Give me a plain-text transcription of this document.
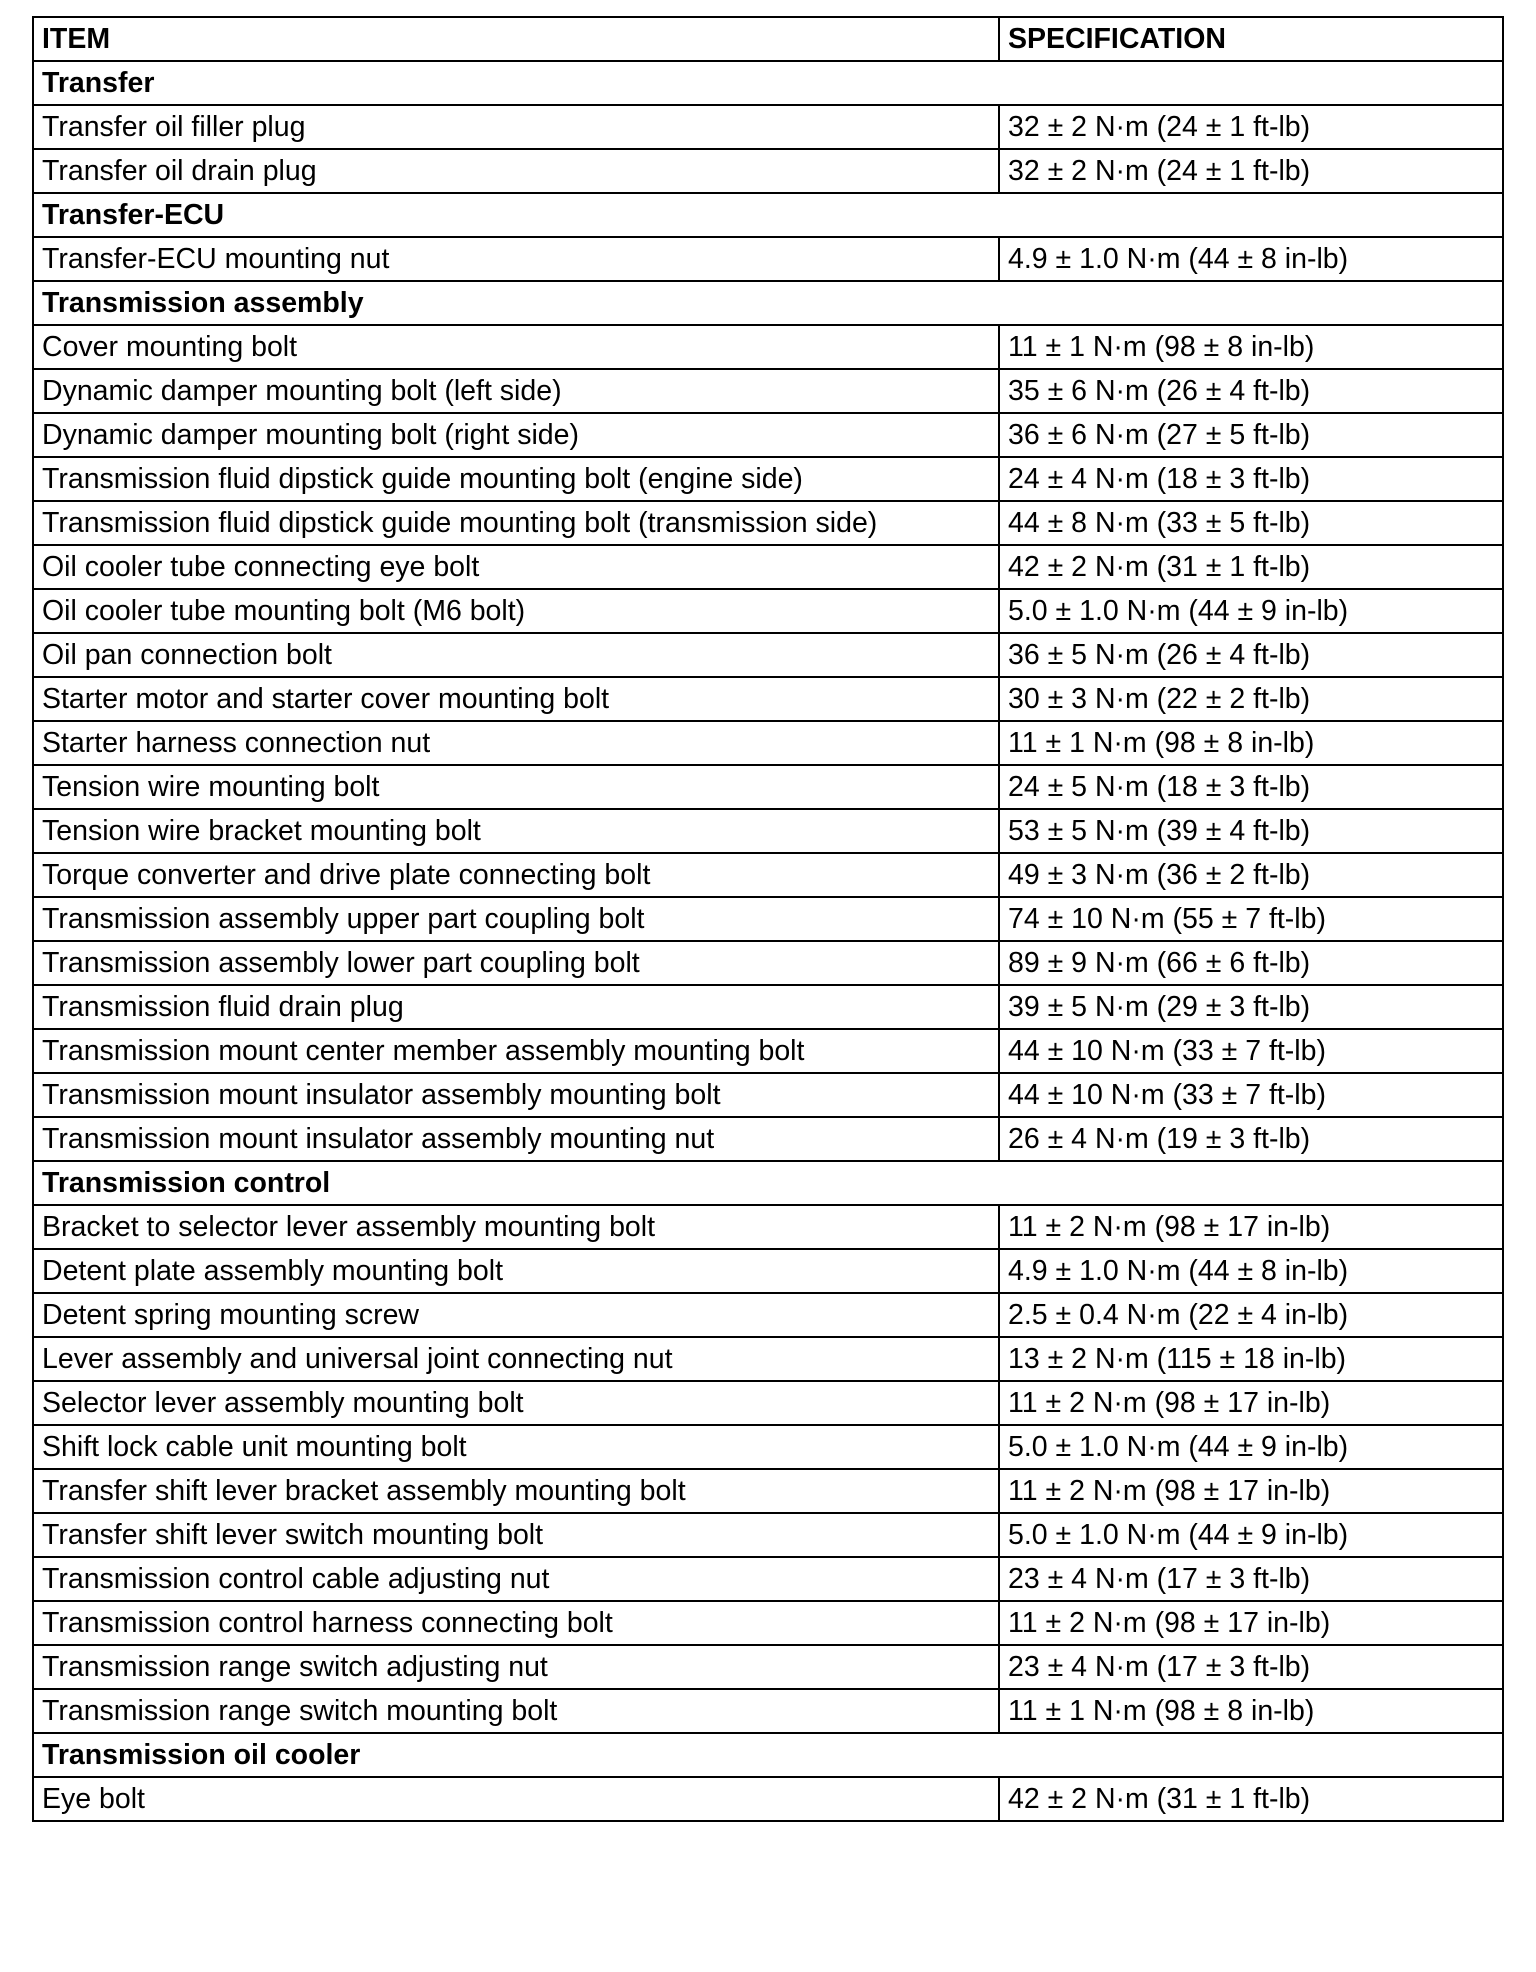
ITEM	SPECIFICATION
Transfer	
Transfer oil filler plug	32 ± 2 N·m (24 ± 1 ft-lb)
Transfer oil drain plug	32 ± 2 N·m (24 ± 1 ft-lb)
Transfer-ECU	
Transfer-ECU mounting nut	4.9 ± 1.0 N·m (44 ± 8 in-lb)
Transmission assembly	
Cover mounting bolt	11 ± 1 N·m (98 ± 8 in-lb)
Dynamic damper mounting bolt (left side)	35 ± 6 N·m (26 ± 4 ft-lb)
Dynamic damper mounting bolt (right side)	36 ± 6 N·m (27 ± 5 ft-lb)
Transmission fluid dipstick guide mounting bolt (engine side)	24 ± 4 N·m (18 ± 3 ft-lb)
Transmission fluid dipstick guide mounting bolt (transmission side)	44 ± 8 N·m (33 ± 5 ft-lb)
Oil cooler tube connecting eye bolt	42 ± 2 N·m (31 ± 1 ft-lb)
Oil cooler tube mounting bolt (M6 bolt)	5.0 ± 1.0 N·m (44 ± 9 in-lb)
Oil pan connection bolt	36 ± 5 N·m (26 ± 4 ft-lb)
Starter motor and starter cover mounting bolt	30 ± 3 N·m (22 ± 2 ft-lb)
Starter harness connection nut	11 ± 1 N·m (98 ± 8 in-lb)
Tension wire mounting bolt	24 ± 5 N·m (18 ± 3 ft-lb)
Tension wire bracket mounting bolt	53 ± 5 N·m (39 ± 4 ft-lb)
Torque converter and drive plate connecting bolt	49 ± 3 N·m (36 ± 2 ft-lb)
Transmission assembly upper part coupling bolt	74 ± 10 N·m (55 ± 7 ft-lb)
Transmission assembly lower part coupling bolt	89 ± 9 N·m (66 ± 6 ft-lb)
Transmission fluid drain plug	39 ± 5 N·m (29 ± 3 ft-lb)
Transmission mount center member assembly mounting bolt	44 ± 10 N·m (33 ± 7 ft-lb)
Transmission mount insulator assembly mounting bolt	44 ± 10 N·m (33 ± 7 ft-lb)
Transmission mount insulator assembly mounting nut	26 ± 4 N·m (19 ± 3 ft-lb)
Transmission control	
Bracket to selector lever assembly mounting bolt	11 ± 2 N·m (98 ± 17 in-lb)
Detent plate assembly mounting bolt	4.9 ± 1.0 N·m (44 ± 8 in-lb)
Detent spring mounting screw	2.5 ± 0.4 N·m (22 ± 4 in-lb)
Lever assembly and universal joint connecting nut	13 ± 2 N·m (115 ± 18 in-lb)
Selector lever assembly mounting bolt	11 ± 2 N·m (98 ± 17 in-lb)
Shift lock cable unit mounting bolt	5.0 ± 1.0 N·m (44 ± 9 in-lb)
Transfer shift lever bracket assembly mounting bolt	11 ± 2 N·m (98 ± 17 in-lb)
Transfer shift lever switch mounting bolt	5.0 ± 1.0 N·m (44 ± 9 in-lb)
Transmission control cable adjusting nut	23 ± 4 N·m (17 ± 3 ft-lb)
Transmission control harness connecting bolt	11 ± 2 N·m (98 ± 17 in-lb)
Transmission range switch adjusting nut	23 ± 4 N·m (17 ± 3 ft-lb)
Transmission range switch mounting bolt	11 ± 1 N·m (98 ± 8 in-lb)
Transmission oil cooler	
Eye bolt	42 ± 2 N·m (31 ± 1 ft-lb)
